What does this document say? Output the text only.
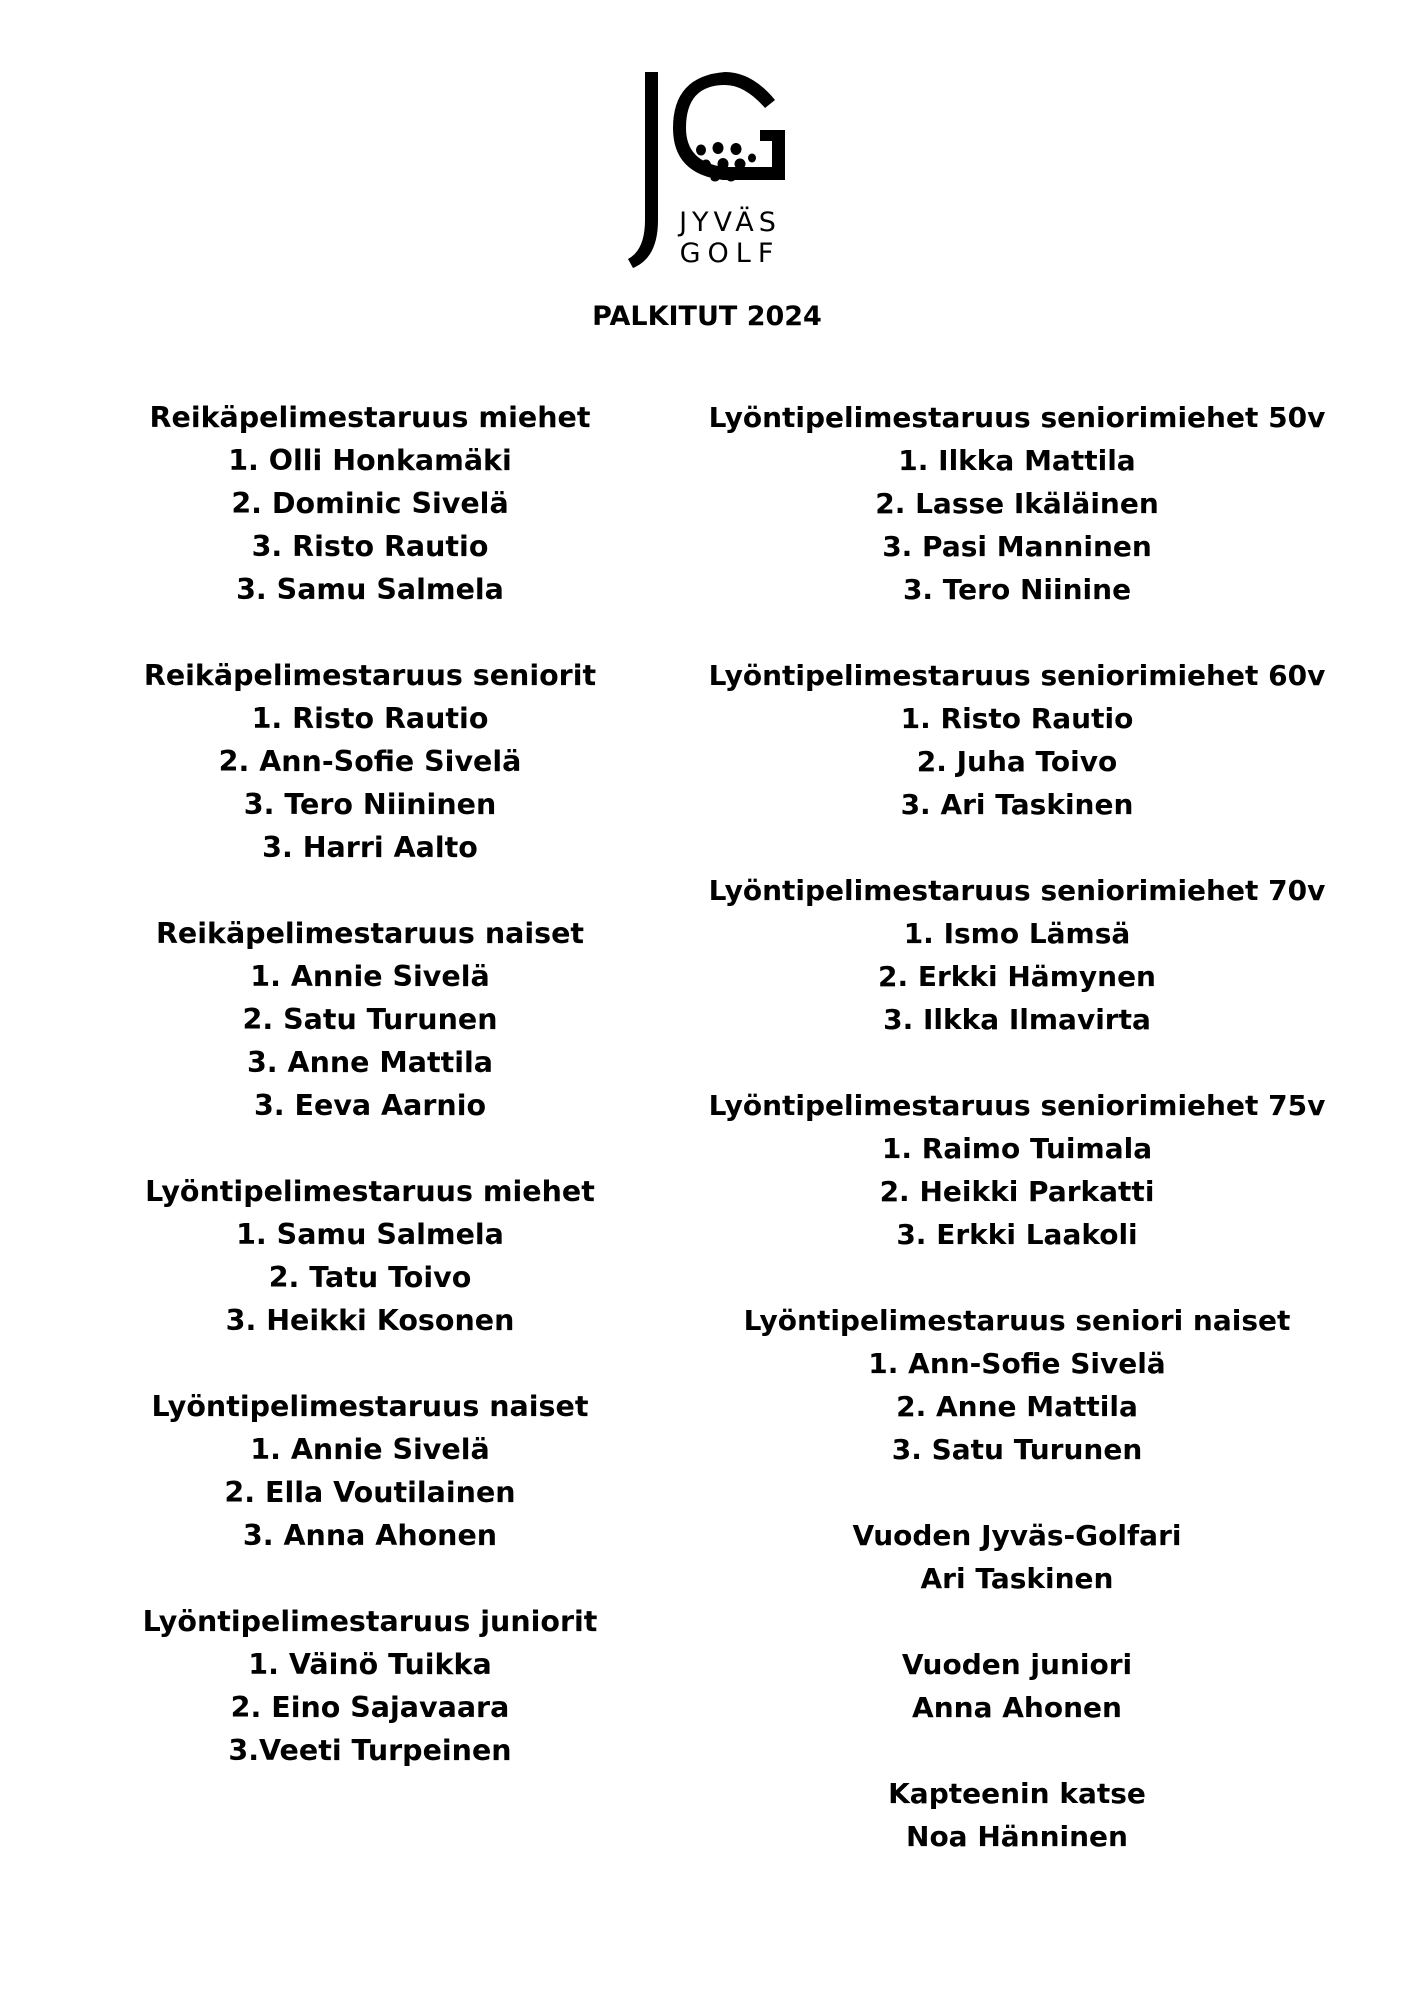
JYVÄS
GOLF
PALKITUT 2024
Reikäpelimestaruus miehet
1. Olli Honkamäki
2. Dominic Sivelä
3. Risto Rautio
3. Samu Salmela
Reikäpelimestaruus seniorit
1. Risto Rautio
2. Ann-Sofie Sivelä
3. Tero Niininen
3. Harri Aalto
Reikäpelimestaruus naiset
1. Annie Sivelä
2. Satu Turunen
3. Anne Mattila
3. Eeva Aarnio
Lyöntipelimestaruus miehet
1. Samu Salmela
2. Tatu Toivo
3. Heikki Kosonen
Lyöntipelimestaruus naiset
1. Annie Sivelä
2. Ella Voutilainen
3. Anna Ahonen
Lyöntipelimestaruus juniorit
1. Väinö Tuikka
2. Eino Sajavaara
3.Veeti Turpeinen
Lyöntipelimestaruus seniorimiehet 50v
1. Ilkka Mattila
2. Lasse Ikäläinen
3. Pasi Manninen
3. Tero Niinine
Lyöntipelimestaruus seniorimiehet 60v
1. Risto Rautio
2. Juha Toivo
3. Ari Taskinen
Lyöntipelimestaruus seniorimiehet 70v
1. Ismo Lämsä
2. Erkki Hämynen
3. Ilkka Ilmavirta
Lyöntipelimestaruus seniorimiehet 75v
1. Raimo Tuimala
2. Heikki Parkatti
3. Erkki Laakoli
Lyöntipelimestaruus seniori naiset
1. Ann-Sofie Sivelä
2. Anne Mattila
3. Satu Turunen
Vuoden Jyväs-Golfari
Ari Taskinen
Vuoden juniori
Anna Ahonen
Kapteenin katse
Noa Hänninen
